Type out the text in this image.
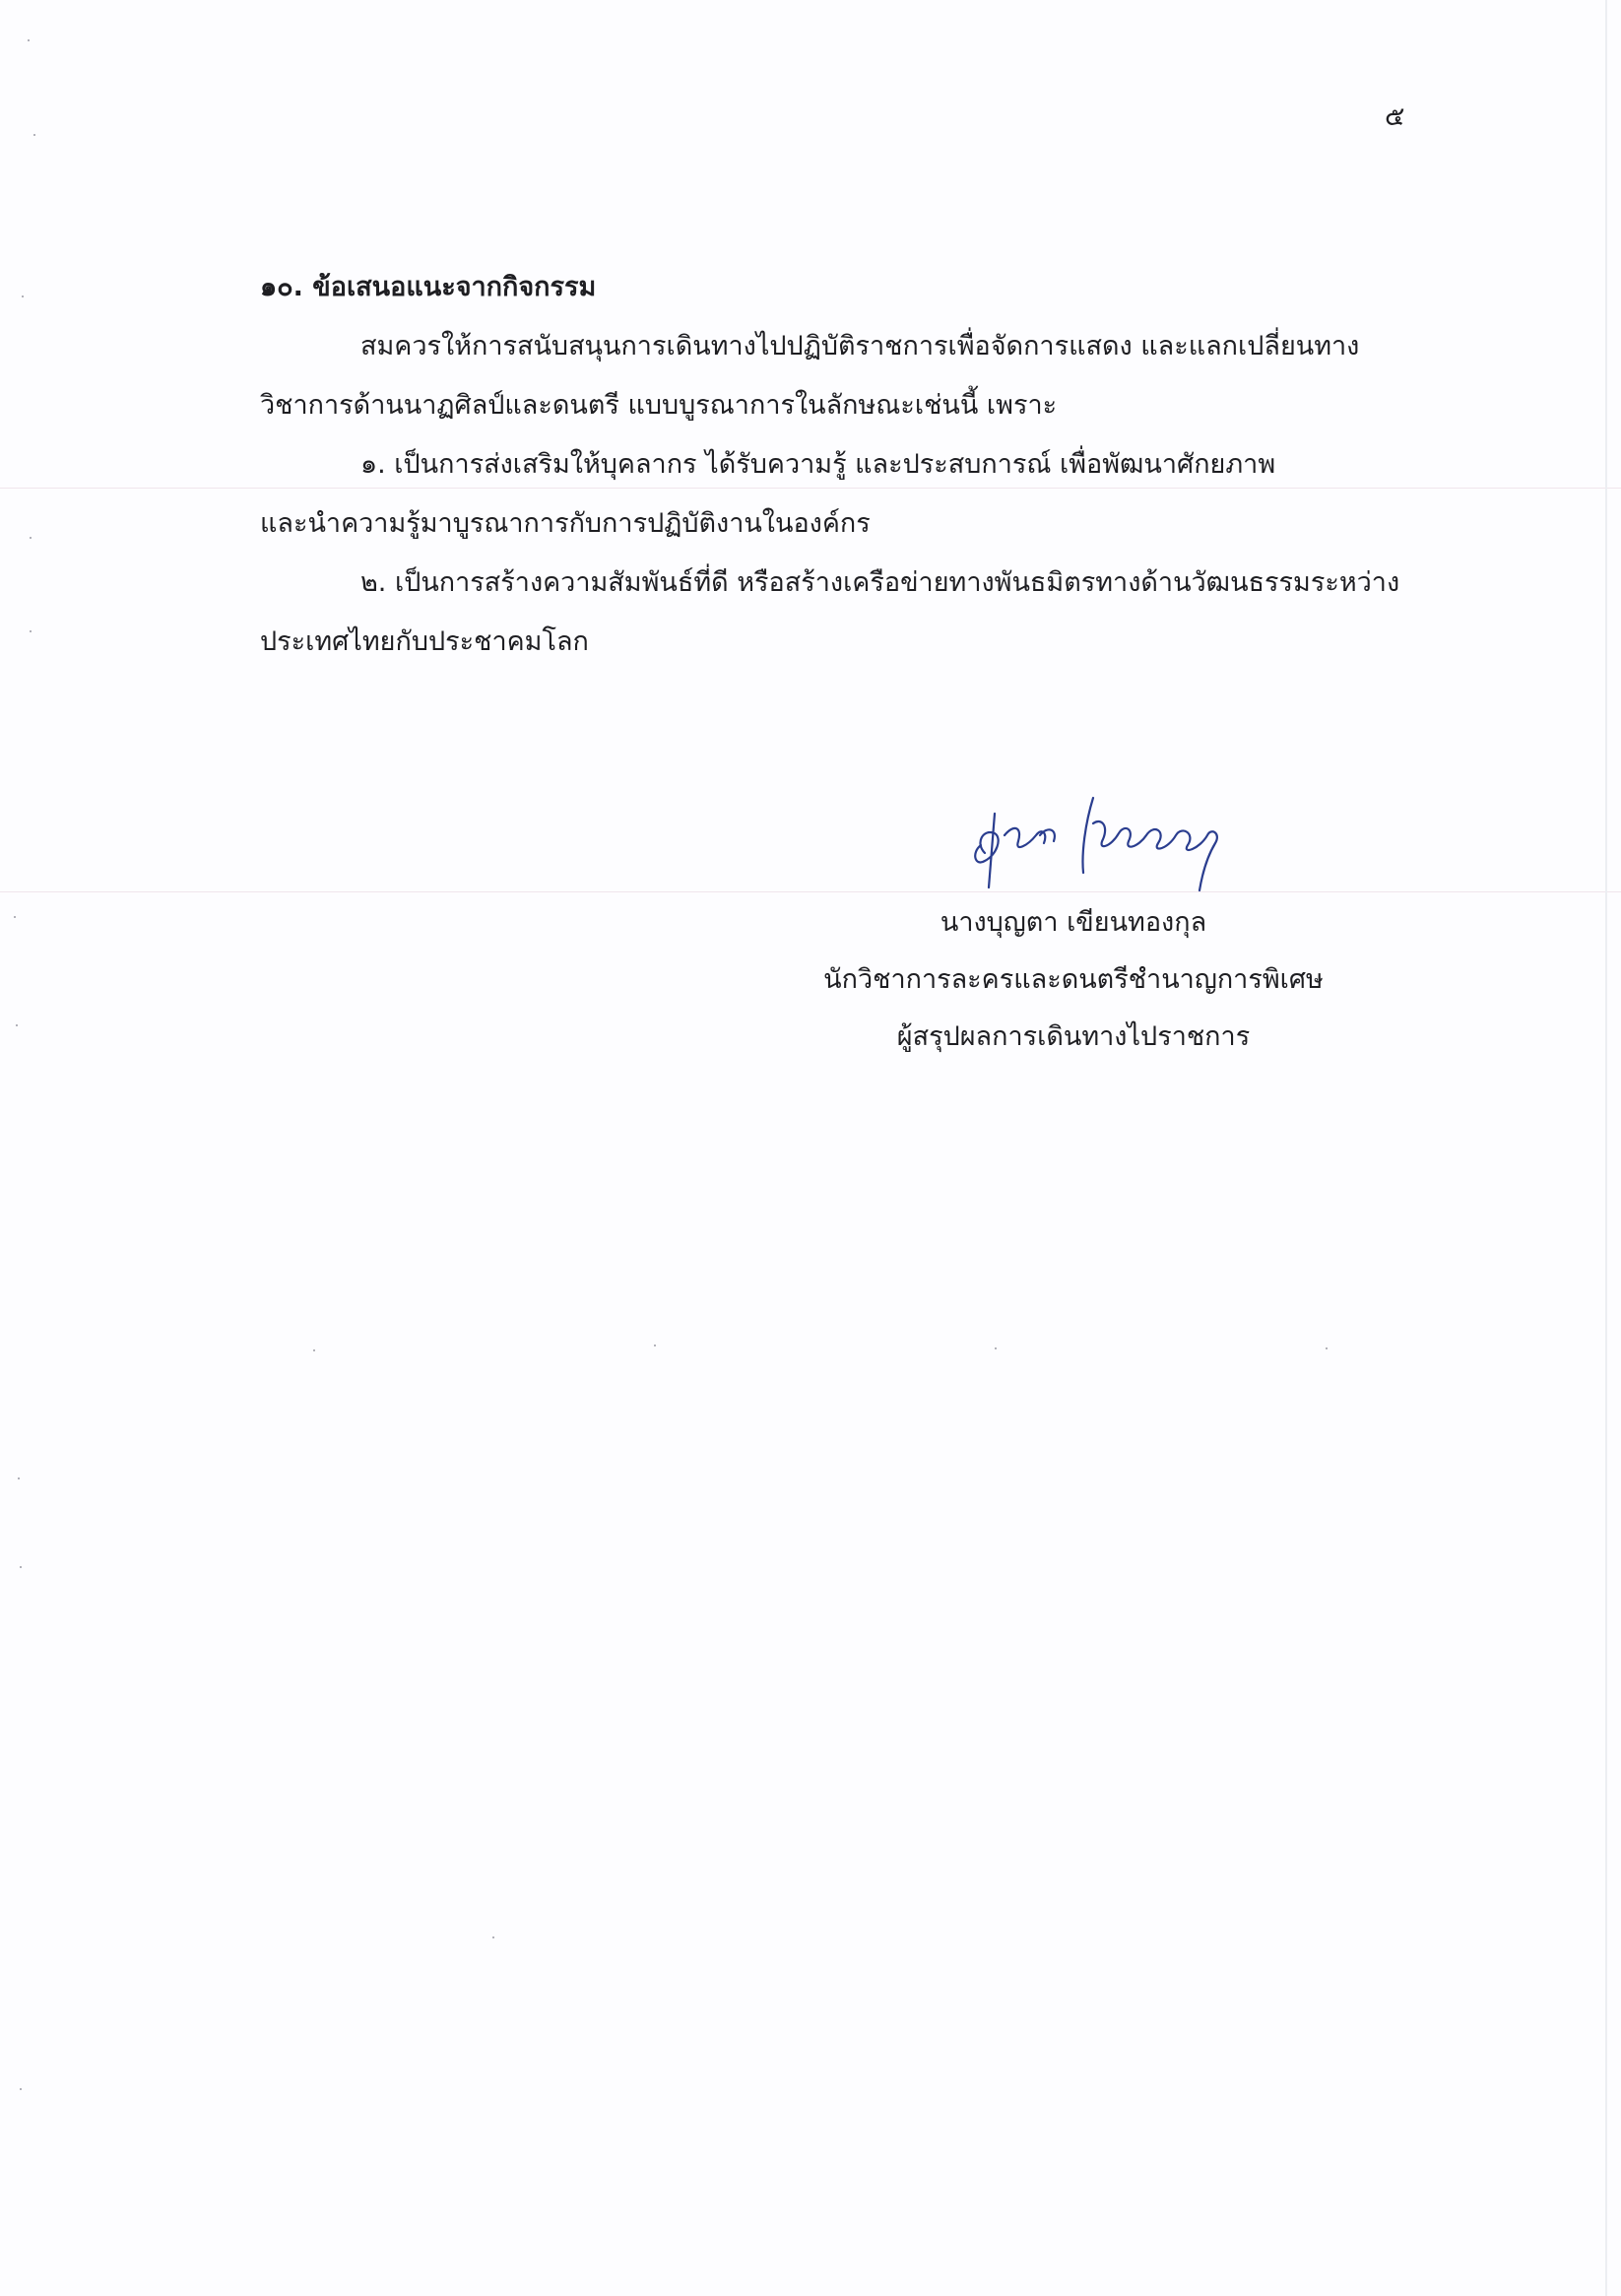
๕
๑๐. ข้อเสนอแนะจากกิจกรรม
สมควรให้การสนับสนุนการเดินทางไปปฏิบัติราชการเพื่อจัดการแสดง และแลกเปลี่ยนทาง
วิชาการด้านนาฏศิลป์และดนตรี แบบบูรณาการในลักษณะเช่นนี้ เพราะ
๑. เป็นการส่งเสริมให้บุคลากร ได้รับความรู้ และประสบการณ์ เพื่อพัฒนาศักยภาพ
และนำความรู้มาบูรณาการกับการปฏิบัติงานในองค์กร
๒. เป็นการสร้างความสัมพันธ์ที่ดี หรือสร้างเครือข่ายทางพันธมิตรทางด้านวัฒนธรรมระหว่าง
ประเทศไทยกับประชาคมโลก
นางบุญตา เขียนทองกุล
นักวิชาการละครและดนตรีชำนาญการพิเศษ
ผู้สรุปผลการเดินทางไปราชการ
